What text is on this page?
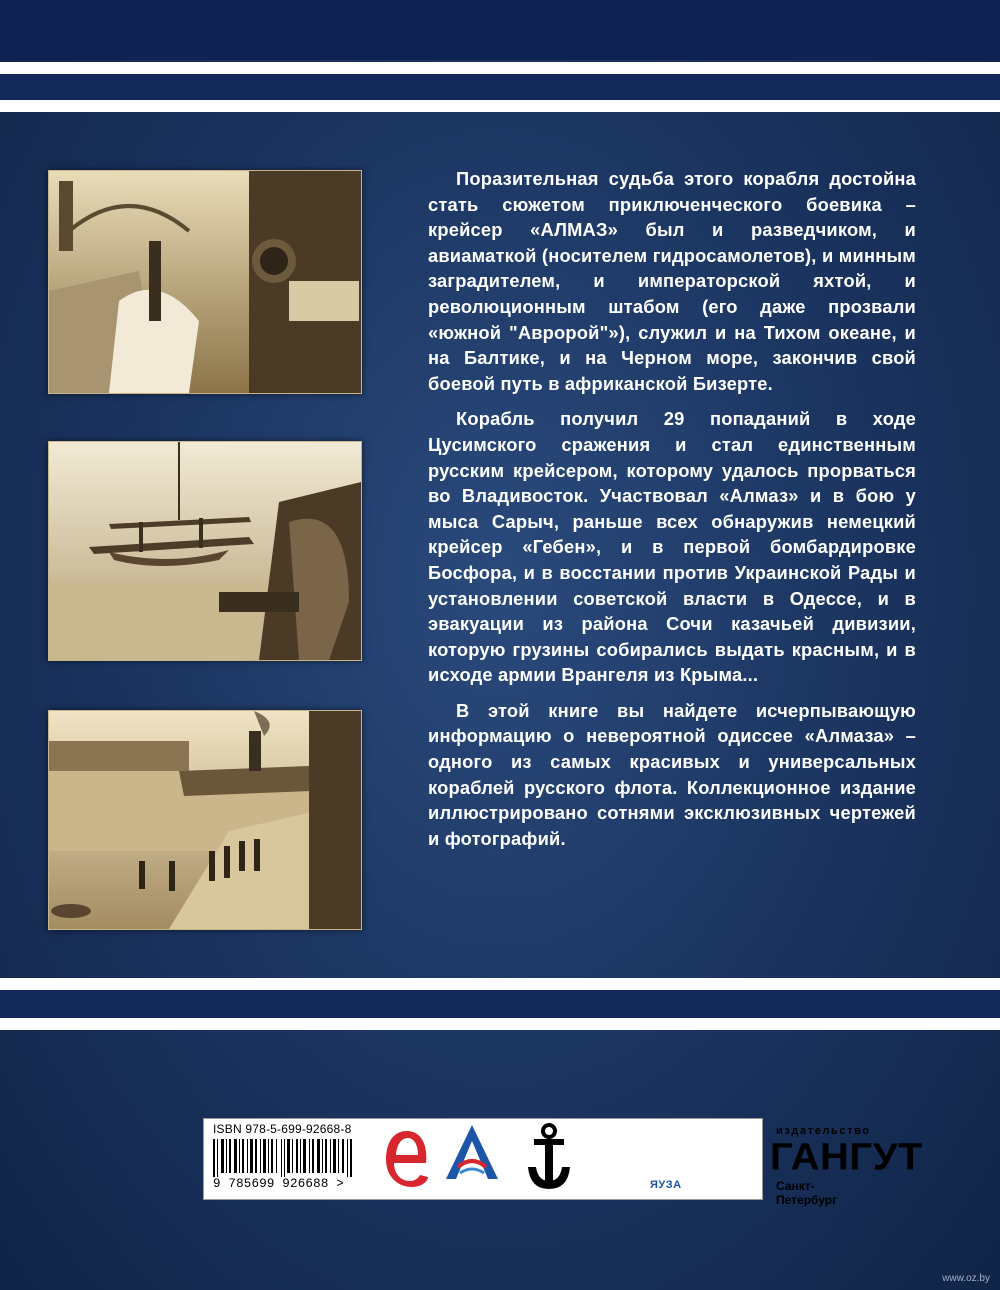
Поразительная судьба этого корабля достойна стать сюжетом приключенческого боевика – крейсер «АЛМАЗ» был и разведчиком, и авиаматкой (носителем гидросамолетов), и минным заградителем, и императорской яхтой, и революционным штабом (его даже прозвали «южной "Авророй"»), служил и на Тихом океане, и на Балтике, и на Черном море, закончив свой боевой путь в африканской Бизерте.

Корабль получил 29 попаданий в ходе Цусимского сражения и стал единственным русским крейсером, которому удалось прорваться во Владивосток. Участвовал «Алмаз» и в бою у мыса Сарыч, раньше всех обнаружив немецкий крейсер «Гебен», и в первой бомбардировке Босфора, и в восстании против Украинской Рады и установлении советской власти в Одессе, и в эвакуации из района Сочи казачьей дивизии, которую грузины собирались выдать красным, и в исходе армии Врангеля из Крыма...

В этой книге вы найдете исчерпывающую информацию о невероятной одиссее «Алмаза» – одного из самых красивых и универсальных кораблей русского флота. Коллекционное издание иллюстрировано сотнями эксклюзивных чертежей и фотографий.

ISBN 978-5-699-92668-8
9 785699 926688 >	ЯУЗА
издательство
ГАНГУТ
Санкт-Петербург
www.oz.by
